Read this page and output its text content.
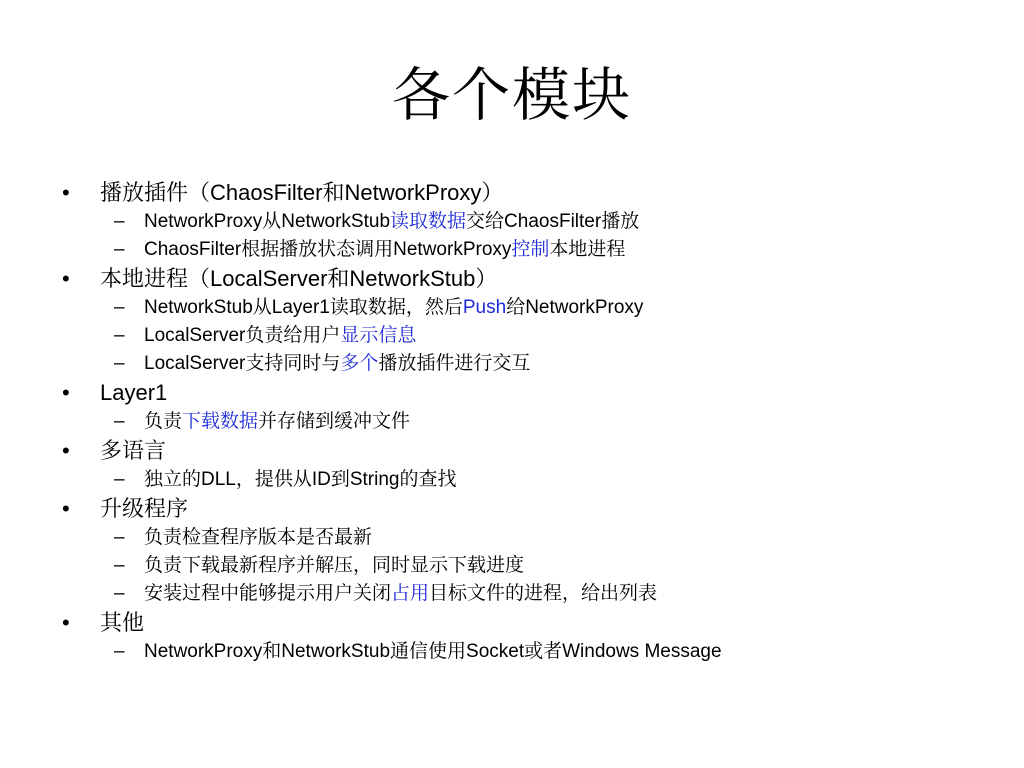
各个模块
• 播放插件（ChaosFilter和NetworkProxy）
– NetworkProxy从NetworkStub读取数据交给ChaosFilter播放
– ChaosFilter根据播放状态调用NetworkProxy控制本地进程
• 本地进程（LocalServer和NetworkStub）
– NetworkStub从Layer1读取数据，然后Push给NetworkProxy
– LocalServer负责给用户显示信息
– LocalServer支持同时与多个播放插件进行交互
• Layer1
– 负责下载数据并存储到缓冲文件
• 多语言
– 独立的DLL，提供从ID到String的查找
• 升级程序
– 负责检查程序版本是否最新
– 负责下载最新程序并解压，同时显示下载进度
– 安装过程中能够提示用户关闭占用目标文件的进程，给出列表
• 其他
– NetworkProxy和NetworkStub通信使用Socket或者Windows Message
